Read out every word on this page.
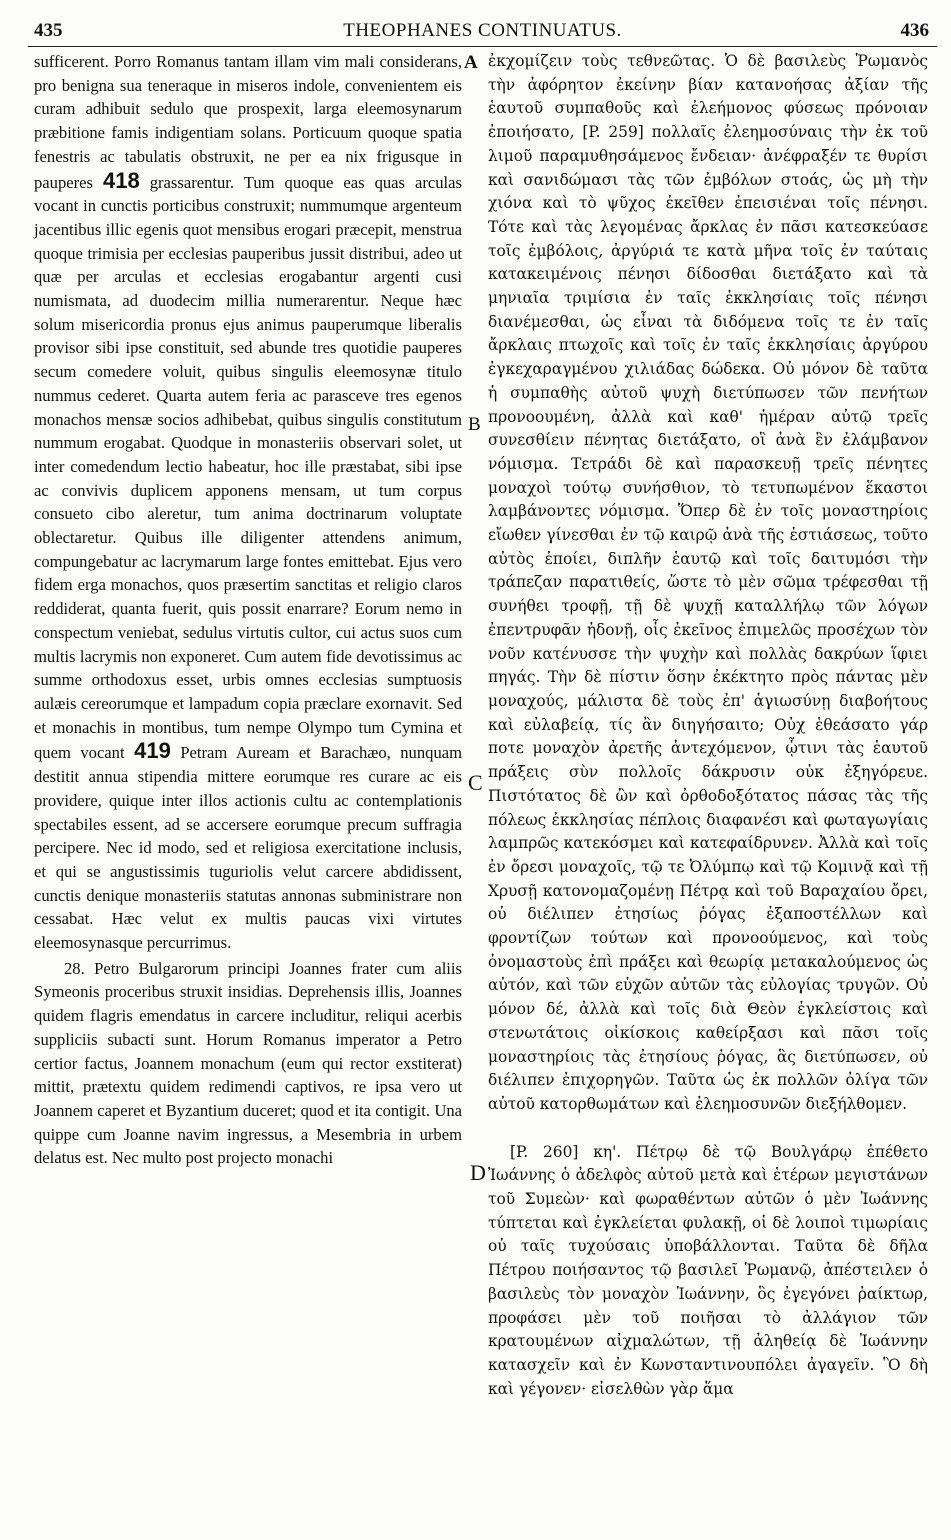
435	THEOPHANES CONTINUATUS.	436

sufficerent. Porro Romanus tantam illam vim mali considerans, pro benigna sua teneraque in miseros indole, convenientem eis curam adhibuit sedulo que prospexit, larga eleemosynarum præbitione famis indigentiam solans. Porticuum quoque spatia fenestris ac tabulatis obstruxit, ne per ea nix frigusque in pauperes 418 grassarentur. Tum quoque eas quas arculas vocant in cunctis porticibus construxit; nummumque argenteum jacentibus illic egenis quot mensibus erogari præcepit, menstrua quoque trimisia per ecclesias pauperibus jussit distribui, adeo ut quæ per arculas et ecclesias erogabantur argenti cusi numismata, ad duodecim millia numerarentur. Neque hæc solum misericordia pronus ejus animus pauperumque liberalis provisor sibi ipse constituit, sed abunde tres quotidie pauperes secum comedere voluit, quibus singulis eleemosynæ titulo nummus cederet. Quarta autem feria ac parasceve tres egenos monachos mensæ socios adhibebat, quibus singulis constitutum nummum erogabat. Quodque in monasteriis observari solet, ut inter comedendum lectio habeatur, hoc ille præstabat, sibi ipse ac convivis duplicem apponens mensam, ut tum corpus consueto cibo aleretur, tum anima doctrinarum voluptate oblectaretur. Quibus ille diligenter attendens animum, compungebatur ac lacrymarum large fontes emittebat. Ejus vero fidem erga monachos, quos præsertim sanctitas et religio claros reddiderat, quanta fuerit, quis possit enarrare? Eorum nemo in conspectum veniebat, sedulus virtutis cultor, cui actus suos cum multis lacrymis non exponeret. Cum autem fide devotissimus ac summe orthodoxus esset, urbis omnes ecclesias sumptuosis aulæis cereorumque et lampadum copia præclare exornavit. Sed et monachis in montibus, tum nempe Olympo tum Cymina et quem vocant 419 Petram Auream et Barachæo, nunquam destitit annua stipendia mittere eorumque res curare ac eis providere, quique inter illos actionis cultu ac contemplationis spectabiles essent, ad se accersere eorumque precum suffragia percipere. Nec id modo, sed et religiosa exercitatione inclusis, et qui se angustissimis tuguriolis velut carcere abdidissent, cunctis denique monasteriis statutas annonas subministrare non cessabat. Hæc velut ex multis paucas vixi virtutes eleemosynasque percurrimus.

28. Petro Bulgarorum principi Joannes frater cum aliis Symeonis proceribus struxit insidias. Deprehensis illis, Joannes quidem flagris emendatus in carcere includitur, reliqui acerbis suppliciis subacti sunt. Horum Romanus imperator a Petro certior factus, Joannem monachum (eum qui rector exstiterat) mittit, prætextu quidem redimendi captivos, re ipsa vero ut Joannem caperet et Byzantium duceret; quod et ita contigit. Una quippe cum Joanne navim ingressus, a Mesembria in urbem delatus est. Nec multo post projecto monachi

ἐκχομίζειν τοὺς τεθνεῶτας. Ὁ δὲ βασιλεὺς Ῥωμανὸς τὴν ἀφόρητον ἐκείνην βίαν κατανοήσας ἀξίαν τῆς ἑαυτοῦ συμπαθοῦς καὶ ἐλεήμονος φύσεως πρόνοιαν ἐποιήσατο, [P. 259] πολλαῖς ἐλεημοσύναις τὴν ἐκ τοῦ λιμοῦ παραμυθησάμενος ἔνδειαν· ἀνέφραξέν τε θυρίσι καὶ σανιδώμασι τὰς τῶν ἐμβόλων στοάς, ὡς μὴ τὴν χιόνα καὶ τὸ ψῦχος ἐκεῖθεν ἐπεισιέναι τοῖς πένησι. Τότε καὶ τὰς λεγομένας ἄρκλας ἐν πᾶσι κατεσκεύασε τοῖς ἐμβόλοις, ἀργύριά τε κατὰ μῆνα τοῖς ἐν ταύταις κατακειμένοις πένησι δίδοσθαι διετάξατο καὶ τὰ μηνιαῖα τριμίσια ἐν ταῖς ἐκκλησίαις τοῖς πένησι διανέμεσθαι, ὡς εἶναι τὰ διδόμενα τοῖς τε ἐν ταῖς ἄρκλαις πτωχοῖς καὶ τοῖς ἐν ταῖς ἐκκλησίαις ἀργύρου ἐγκεχαραγμένου χιλιάδας δώδεκα. Οὐ μόνον δὲ ταῦτα ἡ συμπαθὴς αὐτοῦ ψυχὴ διετύπωσεν τῶν πενήτων προνοουμένη, ἀλλὰ καὶ καθ' ἡμέραν αὐτῷ τρεῖς συνεσθίειν πένητας διετάξατο, οἳ ἀνὰ ἓν ἐλάμβανον νόμισμα. Τετράδι δὲ καὶ παρασκευῇ τρεῖς πένητες μοναχοὶ τούτῳ συνήσθιον, τὸ τετυπωμένον ἕκαστοι λαμβάνοντες νόμισμα. Ὅπερ δὲ ἐν τοῖς μοναστηρίοις εἴωθεν γίνεσθαι ἐν τῷ καιρῷ ἀνὰ τῆς ἑστιάσεως, τοῦτο αὐτὸς ἐποίει, διπλῆν ἑαυτῷ καὶ τοῖς δαιτυμόσι τὴν τράπεζαν παρατιθείς, ὥστε τὸ μὲν σῶμα τρέφεσθαι τῇ συνήθει τροφῇ, τῇ δὲ ψυχῇ καταλλήλῳ τῶν λόγων ἐπεντρυφᾶν ἡδονῇ, οἷς ἐκεῖνος ἐπιμελῶς προσέχων τὸν νοῦν κατένυσσε τὴν ψυχὴν καὶ πολλὰς δακρύων ἵφιει πηγάς. Τὴν δὲ πίστιν ὅσην ἐκέκτητο πρὸς πάντας μὲν μοναχούς, μάλιστα δὲ τοὺς ἐπ' ἁγιωσύνῃ διαβοήτους καὶ εὐλαβείᾳ, τίς ἂν διηγήσαιτο; Οὐχ ἑθεάσατο γάρ ποτε μοναχὸν ἀρετῆς ἀντεχόμενον, ᾧτινι τὰς ἑαυτοῦ πράξεις σὺν πολλοῖς δάκρυσιν οὐκ ἐξηγόρευε. Πιστότατος δὲ ὢν καὶ ὀρθοδοξότατος πάσας τὰς τῆς πόλεως ἐκκλησίας πέπλοις διαφανέσι καὶ φωταγωγίαις λαμπρῶς κατεκόσμει καὶ κατεφαίδρυνεν. Ἀλλὰ καὶ τοῖς ἐν ὄρεσι μοναχοῖς, τῷ τε Ὀλύμπῳ καὶ τῷ Κομινᾷ καὶ τῇ Χρυσῇ κατονομαζομένῃ Πέτρᾳ καὶ τοῦ Βαραχαίου ὄρει, οὐ διέλιπεν ἐτησίως ῥόγας ἐξαποστέλλων καὶ φροντίζων τούτων καὶ προνοούμενος, καὶ τοὺς ὀνομαστοὺς ἐπὶ πράξει καὶ θεωρίᾳ μετακαλούμενος ὡς αὐτόν, καὶ τῶν εὐχῶν αὐτῶν τὰς εὐλογίας τρυγῶν. Οὐ μόνον δέ, ἀλλὰ καὶ τοῖς διὰ Θεὸν ἐγκλείστοις καὶ στενωτάτοις οἰκίσκοις καθείρξασι καὶ πᾶσι τοῖς μοναστηρίοις τὰς ἐτησίους ῥόγας, ἃς διετύπωσεν, οὐ διέλιπεν ἐπιχορηγῶν. Ταῦτα ὡς ἐκ πολλῶν ὀλίγα τῶν αὐτοῦ κατορθωμάτων καὶ ἐλεημοσυνῶν διεξήλθομεν.

[P. 260] κη'. Πέτρῳ δὲ τῷ Βουλγάρῳ ἐπέθετο Ἰωάννης ὁ ἀδελφὸς αὐτοῦ μετὰ καὶ ἑτέρων μεγιστάνων τοῦ Συμεὼν· καὶ φωραθέντων αὐτῶν ὁ μὲν Ἰωάννης τύπτεται καὶ ἐγκλείεται φυλακῇ, οἱ δὲ λοιποὶ τιμωρίαις οὐ ταῖς τυχούσαις ὑποβάλλονται. Ταῦτα δὲ δῆλα Πέτρου ποιήσαντος τῷ βασιλεῖ Ῥωμανῷ, ἀπέστειλεν ὁ βασιλεὺς τὸν μοναχὸν Ἰωάννην, ὃς ἐγεγόνει ῥαίκτωρ, προφάσει μὲν τοῦ ποιῆσαι τὸ ἀλλάγιον τῶν κρατουμένων αἰχμαλώτων, τῇ ἀληθείᾳ δὲ Ἰωάννην κατασχεῖν καὶ ἐν Κωνσταντινουπόλει ἀγαγεῖν. Ὃ δὴ καὶ γέγονεν· εἰσελθὼν γὰρ ἅμα

A
B
C
D
